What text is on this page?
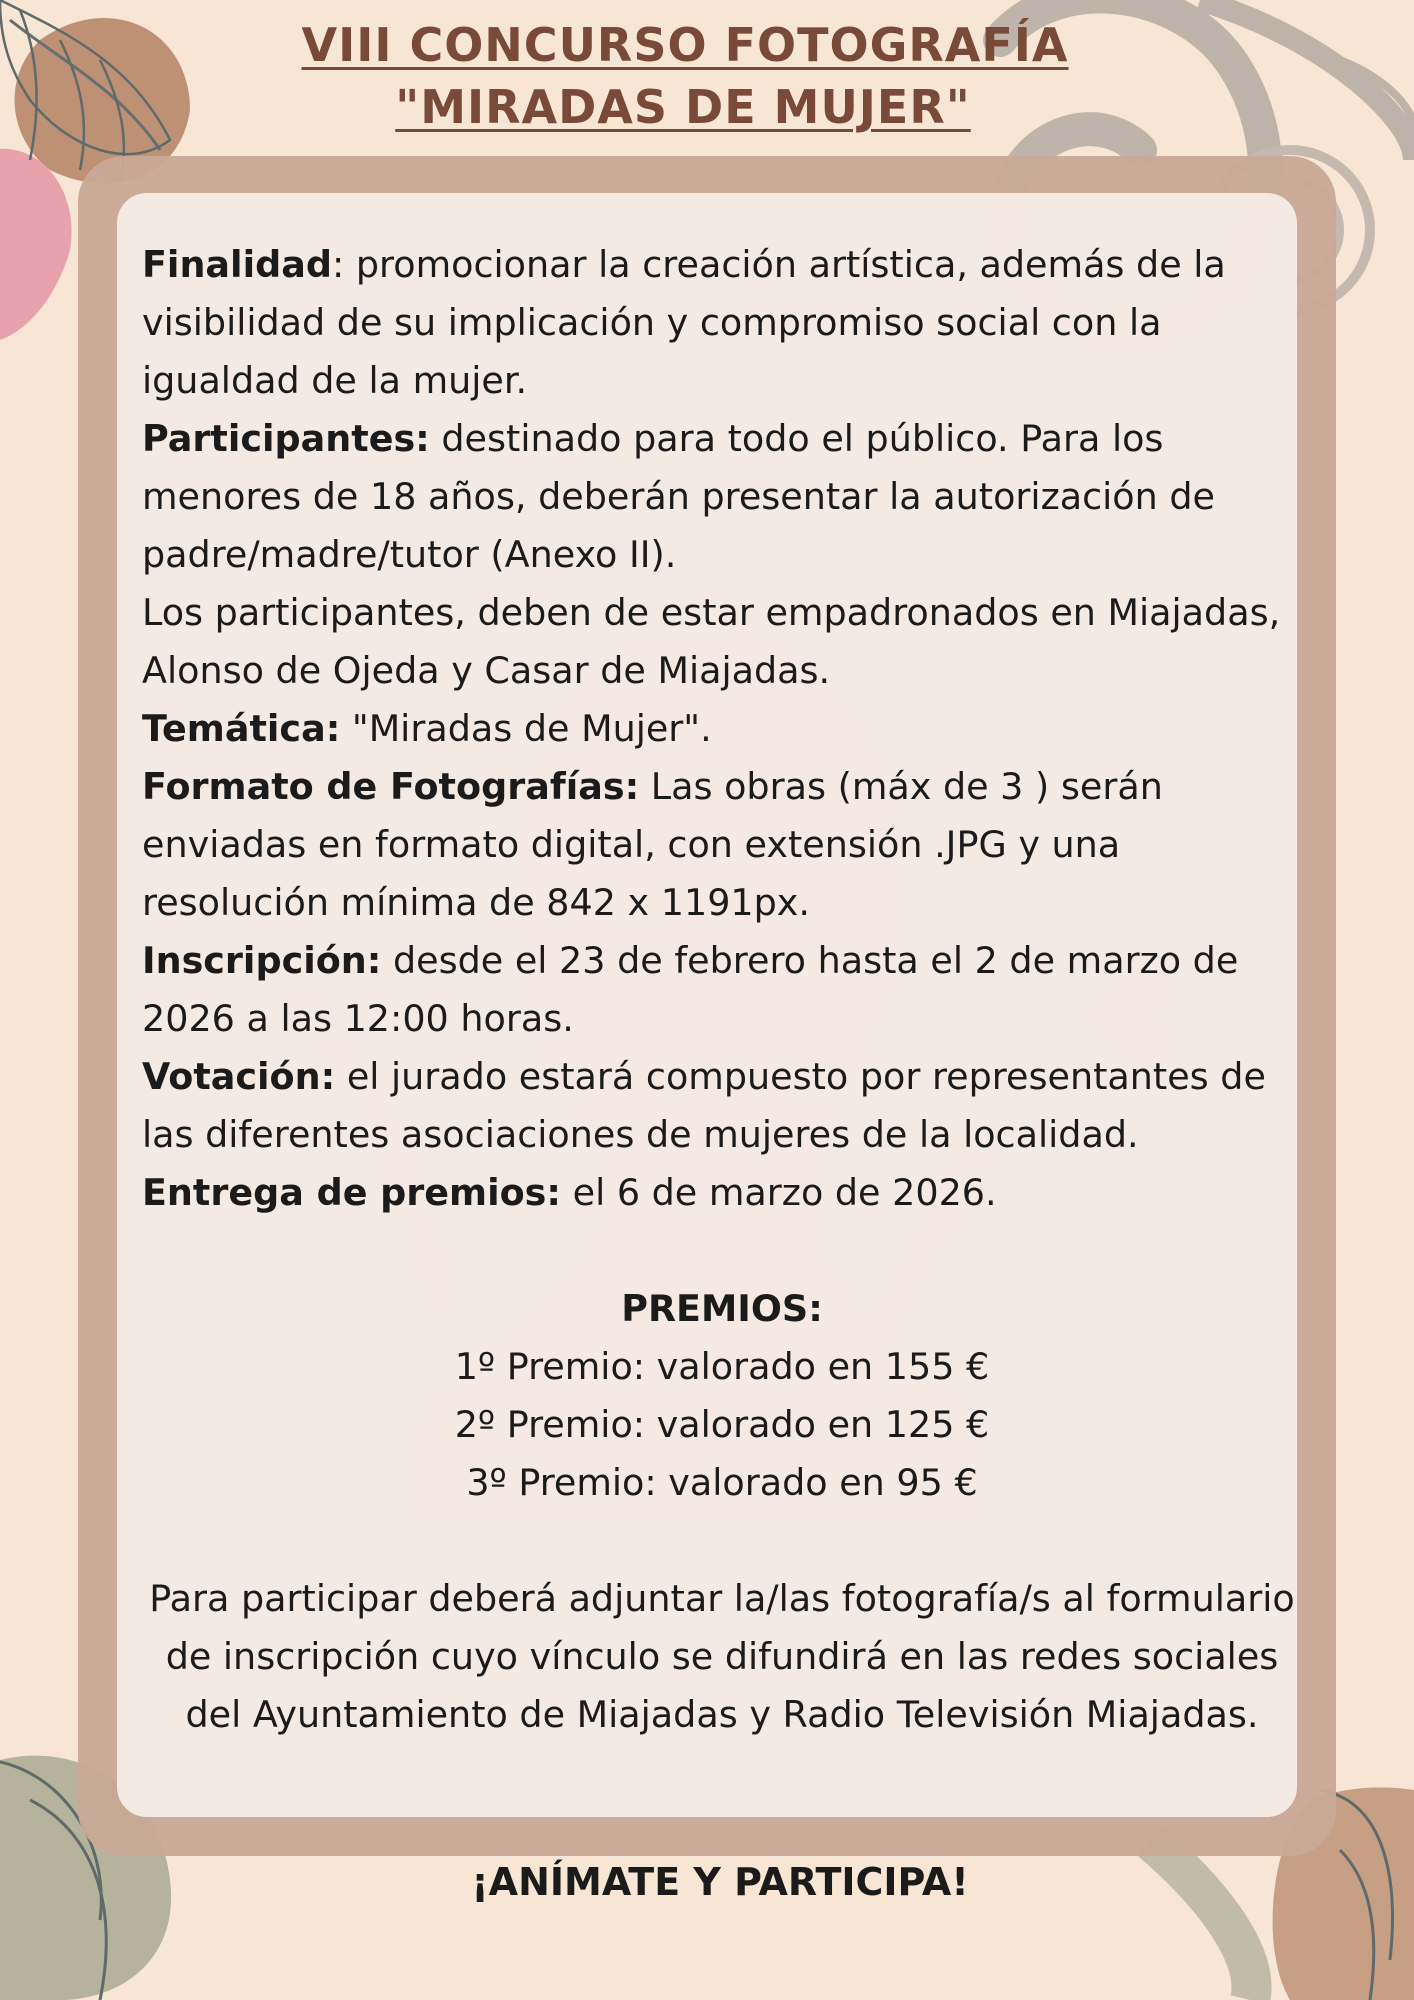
VIII CONCURSO FOTOGRAFÍA
"MIRADAS DE MUJER"

Finalidad: promocionar la creación artística, además de la visibilidad de su implicación y compromiso social con la igualdad de la mujer.

Participantes: destinado para todo el público. Para los menores de 18 años, deberán presentar la autorización de padre/madre/tutor (Anexo II).

Los participantes, deben de estar empadronados en Miajadas, Alonso de Ojeda y Casar de Miajadas.

Temática: "Miradas de Mujer".

Formato de Fotografías: Las obras (máx de 3 ) serán enviadas en formato digital, con extensión .JPG y una resolución mínima de 842 x 1191px.

Inscripción: desde el 23 de febrero hasta el 2 de marzo de 2026 a las 12:00 horas.

Votación: el jurado estará compuesto por representantes de las diferentes asociaciones de mujeres de la localidad.

Entrega de premios: el 6 de marzo de 2026.

PREMIOS:

1º Premio: valorado en 155 €

2º Premio: valorado en 125 €

3º Premio: valorado en 95 €

Para participar deberá adjuntar la/las fotografía/s al formulario de inscripción cuyo vínculo se difundirá en las redes sociales del Ayuntamiento de Miajadas y Radio Televisión Miajadas.

¡ANÍMATE Y PARTICIPA!
